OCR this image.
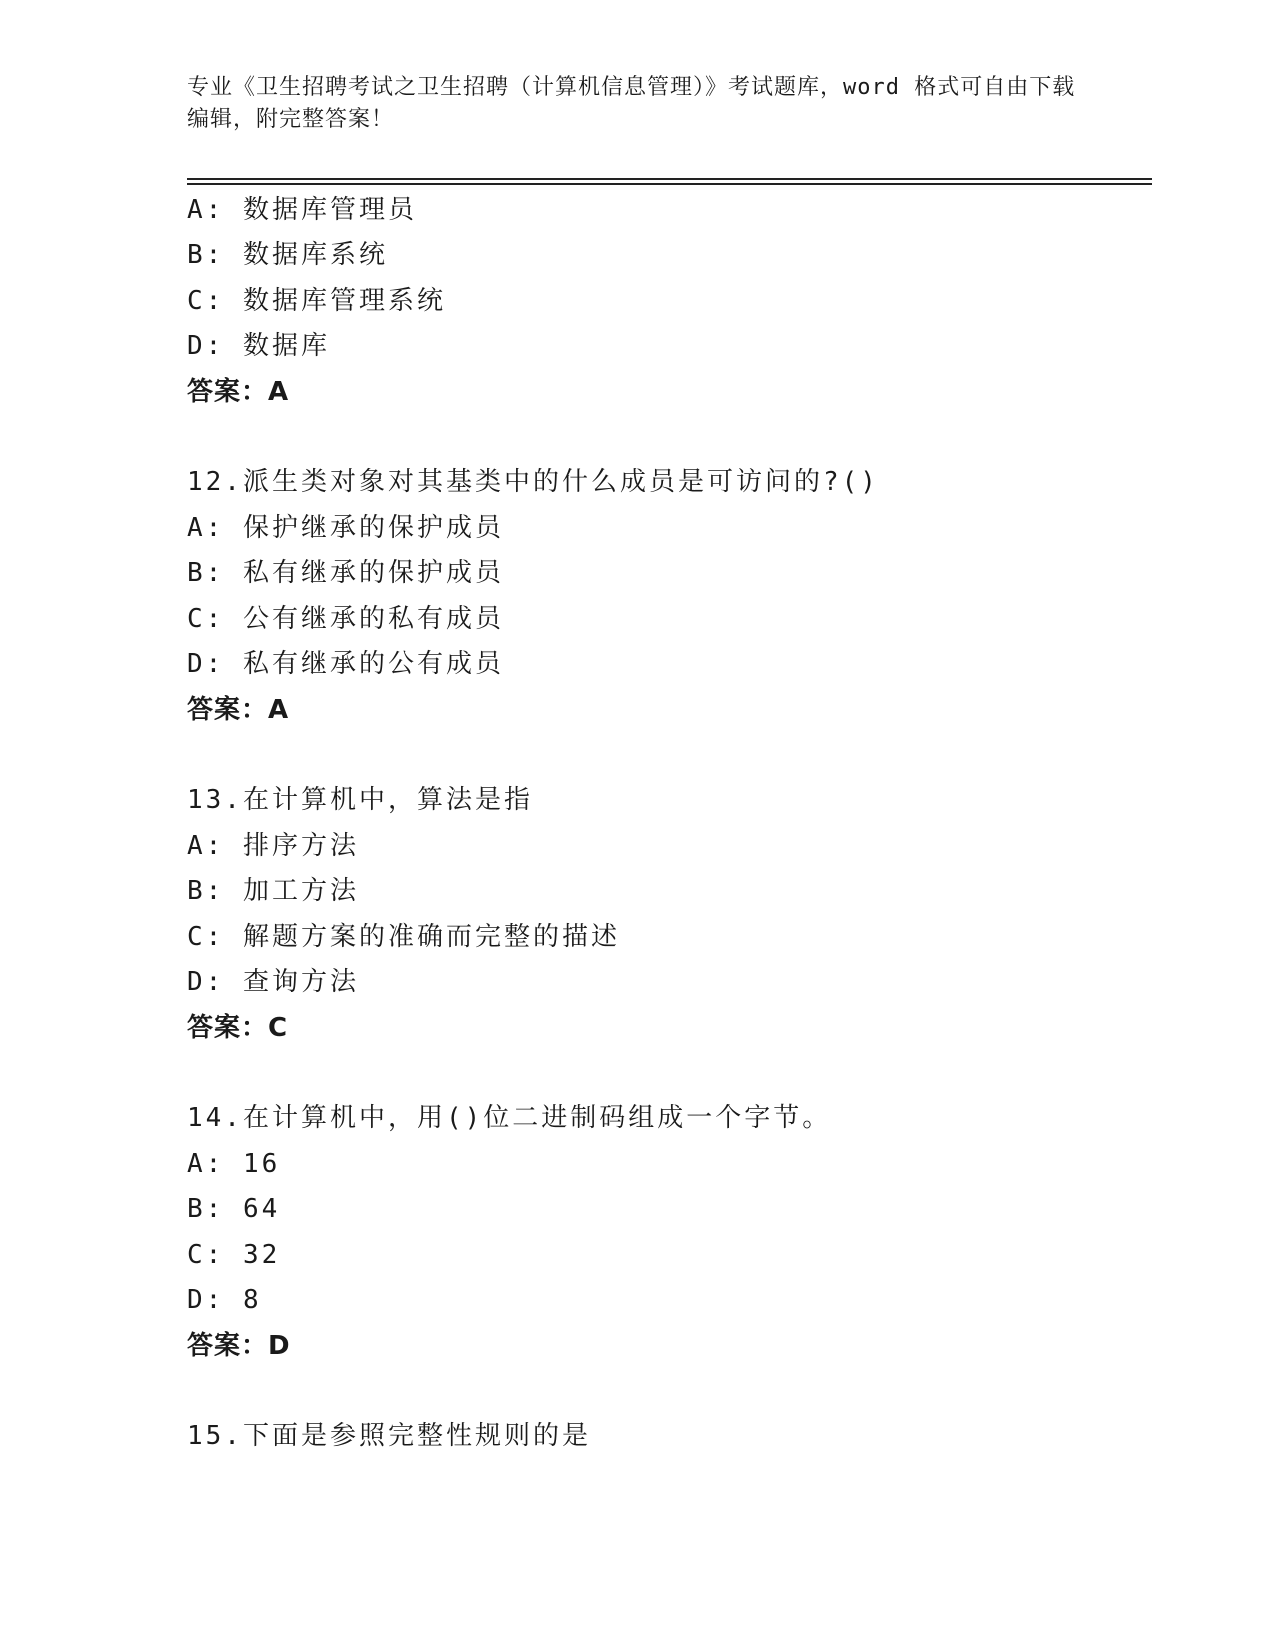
专业《卫生招聘考试之卫生招聘（计算机信息管理）》考试题库，word 格式可自由下载编辑，附完整答案！
A: 数据库管理员
B: 数据库系统
C: 数据库管理系统
D: 数据库
答案：A
12.派生类对象对其基类中的什么成员是可访问的?()
A: 保护继承的保护成员
B: 私有继承的保护成员
C: 公有继承的私有成员
D: 私有继承的公有成员
答案：A
13.在计算机中，算法是指
A: 排序方法
B: 加工方法
C: 解题方案的准确而完整的描述
D: 查询方法
答案：C
14.在计算机中，用()位二进制码组成一个字节。
A: 16
B: 64
C: 32
D: 8
答案：D
15.下面是参照完整性规则的是
